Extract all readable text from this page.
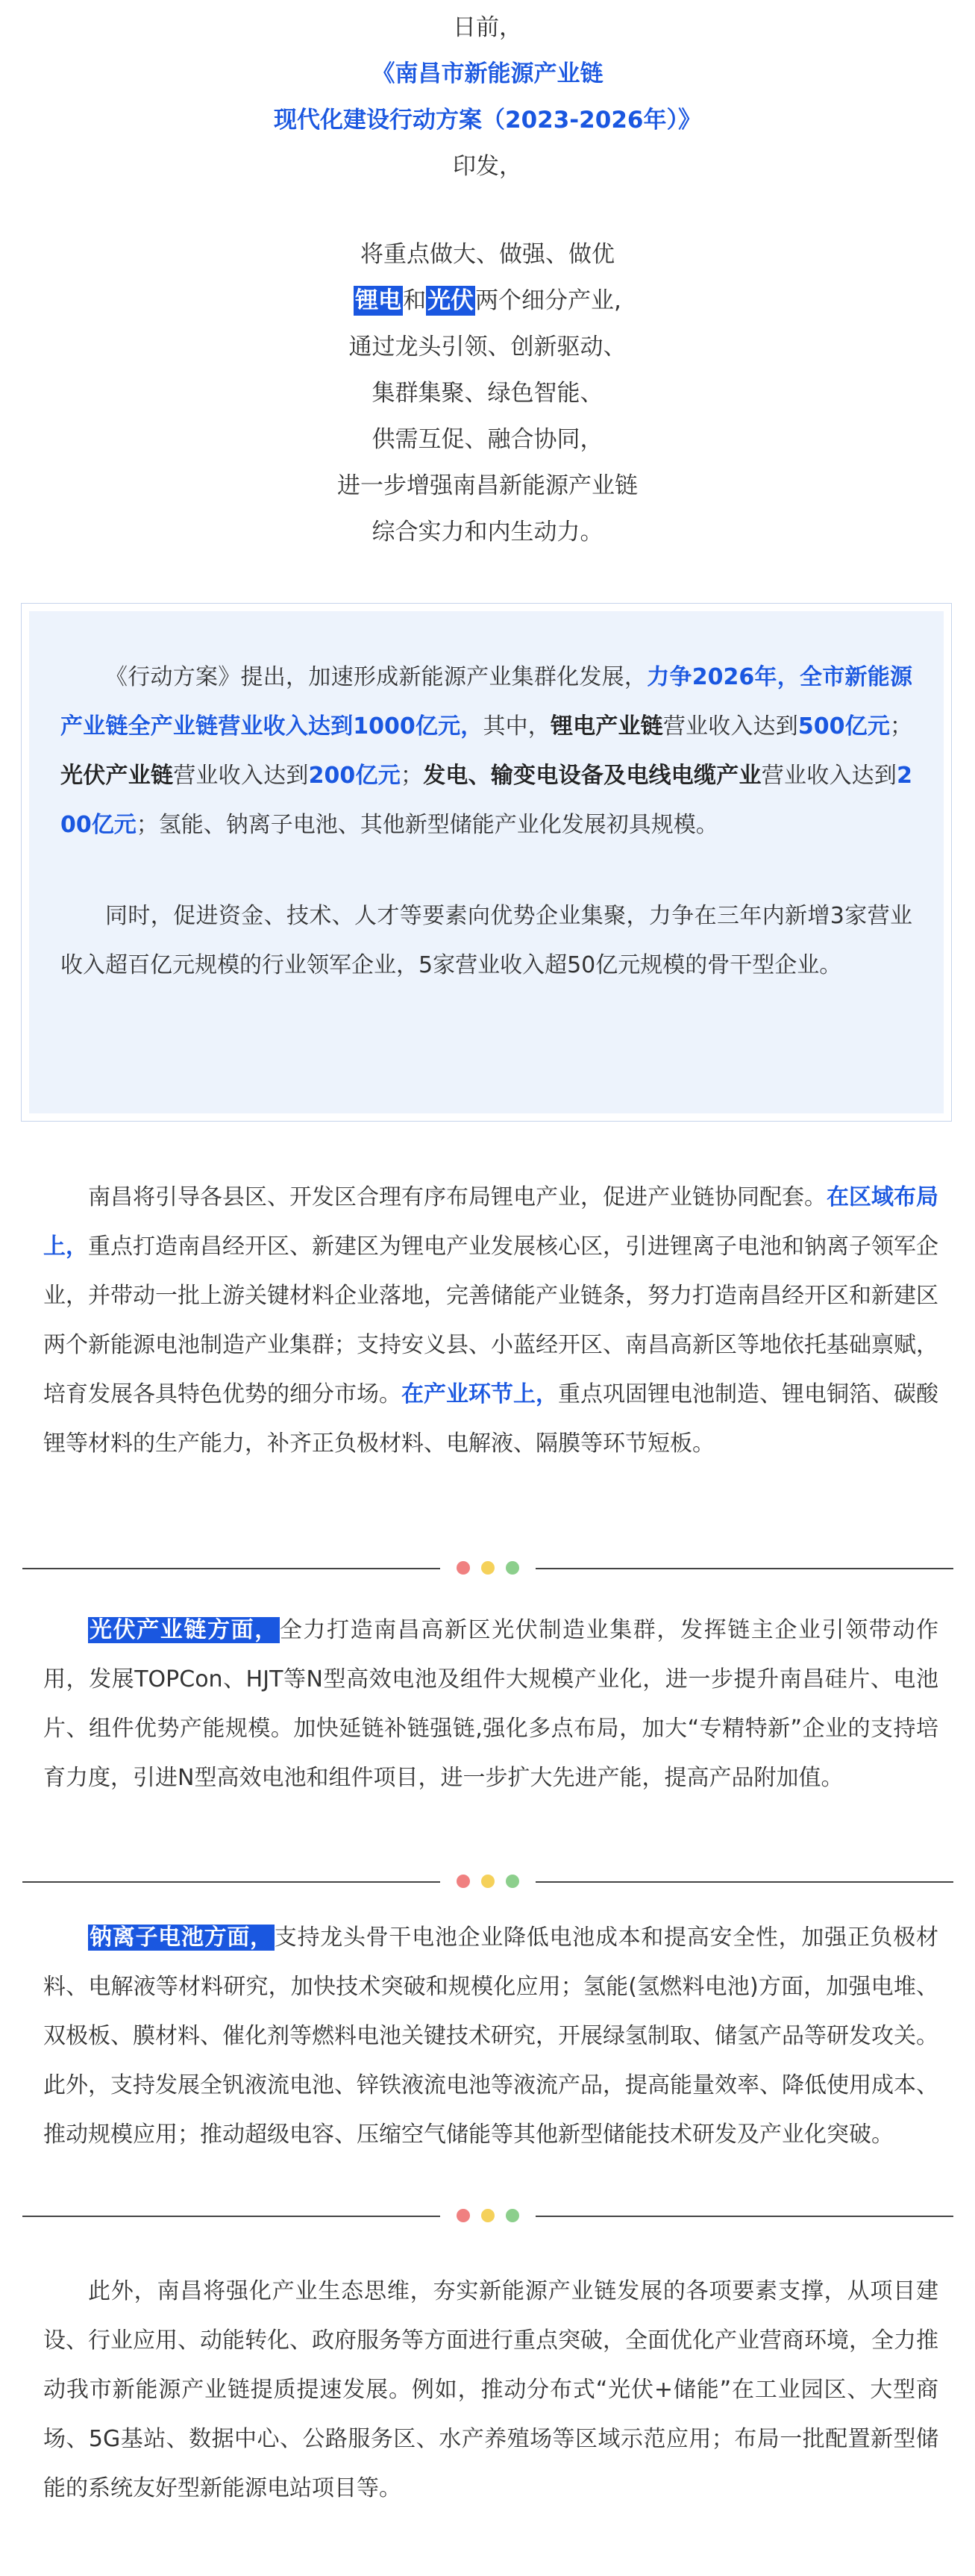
日前，
《南昌市新能源产业链
现代化建设行动方案（2023-2026年）》
印发，
将重点做大、做强、做优
锂电和光伏两个细分产业,
通过龙头引领、创新驱动、
集群集聚、绿色智能、
供需互促、融合协同，
进一步增强南昌新能源产业链
综合实力和内生动力。

《行动方案》提出，加速形成新能源产业集群化发展，力争2026年，全市新能源产业链全产业链营业收入达到1000亿元，其中，锂电产业链营业收入达到500亿元；光伏产业链营业收入达到200亿元；发电、输变电设备及电线电缆产业营业收入达到200亿元；氢能、钠离子电池、其他新型储能产业化发展初具规模。

同时，促进资金、技术、人才等要素向优势企业集聚，力争在三年内新增3家营业收入超百亿元规模的行业领军企业，5家营业收入超50亿元规模的骨干型企业。

南昌将引导各县区、开发区合理有序布局锂电产业，促进产业链协同配套。在区域布局上，重点打造南昌经开区、新建区为锂电产业发展核心区，引进锂离子电池和钠离子领军企业，并带动一批上游关键材料企业落地，完善储能产业链条，努力打造南昌经开区和新建区两个新能源电池制造产业集群；支持安义县、小蓝经开区、南昌高新区等地依托基础禀赋，培育发展各具特色优势的细分市场。在产业环节上，重点巩固锂电池制造、锂电铜箔、碳酸锂等材料的生产能力，补齐正负极材料、电解液、隔膜等环节短板。

光伏产业链方面，全力打造南昌高新区光伏制造业集群，发挥链主企业引领带动作用，发展TOPCon、HJT等N型高效电池及组件大规模产业化，进一步提升南昌硅片、电池片、组件优势产能规模。加快延链补链强链,强化多点布局，加大“专精特新”企业的支持培育力度，引进N型高效电池和组件项目，进一步扩大先进产能，提高产品附加值。

钠离子电池方面，支持龙头骨干电池企业降低电池成本和提高安全性，加强正负极材料、电解液等材料研究，加快技术突破和规模化应用；氢能(氢燃料电池)方面，加强电堆、双极板、膜材料、催化剂等燃料电池关键技术研究，开展绿氢制取、储氢产品等研发攻关。此外，支持发展全钒液流电池、锌铁液流电池等液流产品，提高能量效率、降低使用成本、推动规模应用；推动超级电容、压缩空气储能等其他新型储能技术研发及产业化突破。

此外，南昌将强化产业生态思维，夯实新能源产业链发展的各项要素支撑，从项目建设、行业应用、动能转化、政府服务等方面进行重点突破，全面优化产业营商环境，全力推动我市新能源产业链提质提速发展。例如，推动分布式“光伏+储能”在工业园区、大型商场、5G基站、数据中心、公路服务区、水产养殖场等区域示范应用；布局一批配置新型储能的系统友好型新能源电站项目等。
